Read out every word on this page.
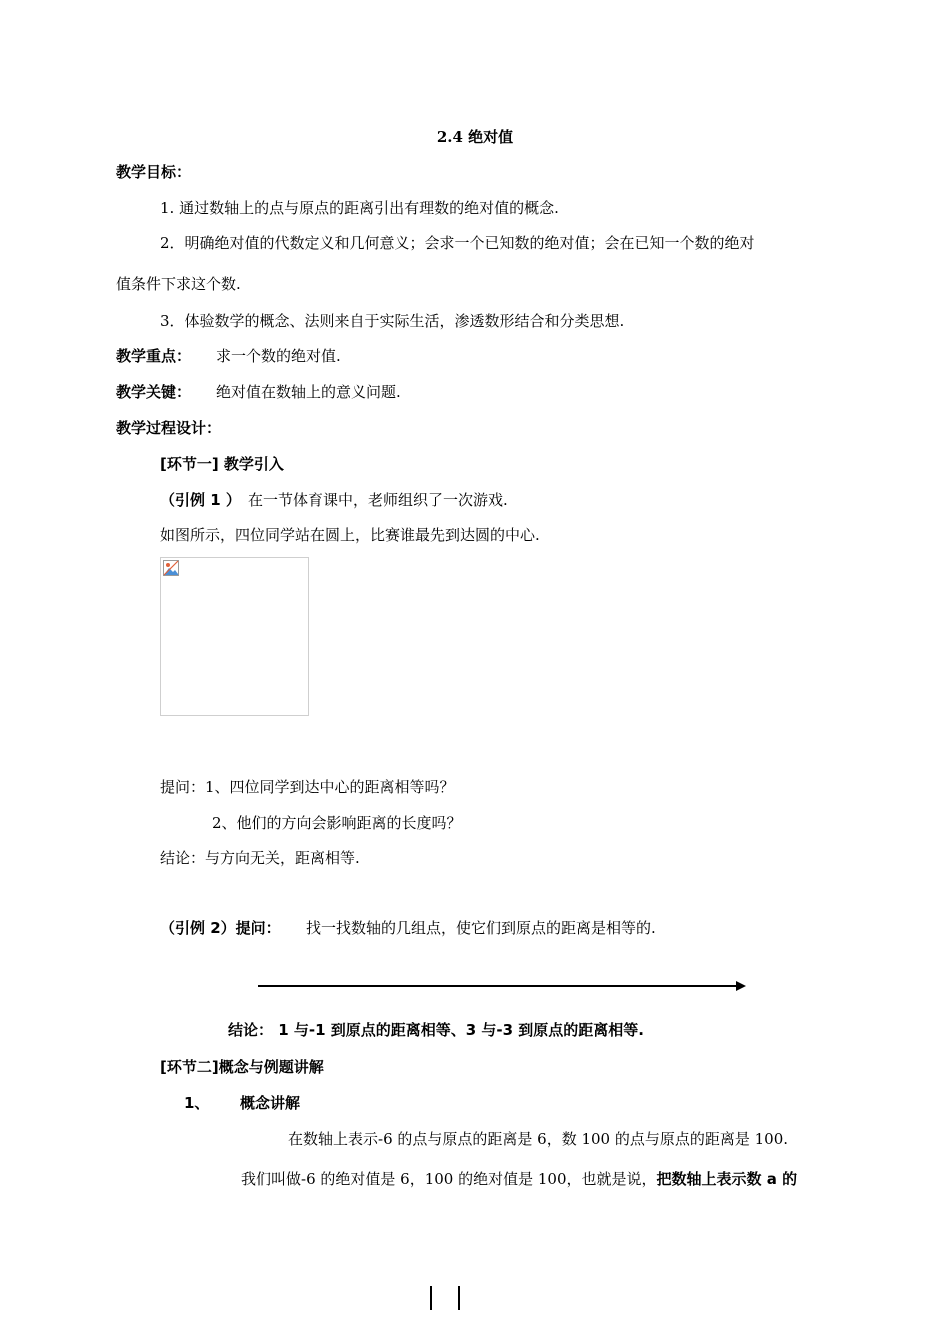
2.4 绝对值
教学目标：
1. 通过数轴上的点与原点的距离引出有理数的绝对值的概念.
2．明确绝对值的代数定义和几何意义；会求一个已知数的绝对值；会在已知一个数的绝对
值条件下求这个数.
3．体验数学的概念、法则来自于实际生活，渗透数形结合和分类思想.
教学重点： 求一个数的绝对值.
教学关键： 绝对值在数轴上的意义问题.
教学过程设计：
[环节一] 教学引入
（引例 1 ） 在一节体育课中，老师组织了一次游戏.
如图所示，四位同学站在圆上，比赛谁最先到达圆的中心.
提问：1、四位同学到达中心的距离相等吗？
2、他们的方向会影响距离的长度吗？
结论：与方向无关，距离相等.
（引例 2）提问： 找一找数轴的几组点，使它们到原点的距离是相等的.
结论： 1 与-1 到原点的距离相等、3 与-3 到原点的距离相等.
[环节二]概念与例题讲解
1、 概念讲解
在数轴上表示-6 的点与原点的距离是 6，数 100 的点与原点的距离是 100.
我们叫做-6 的绝对值是 6，100 的绝对值是 100，也就是说，把数轴上表示数 a 的
